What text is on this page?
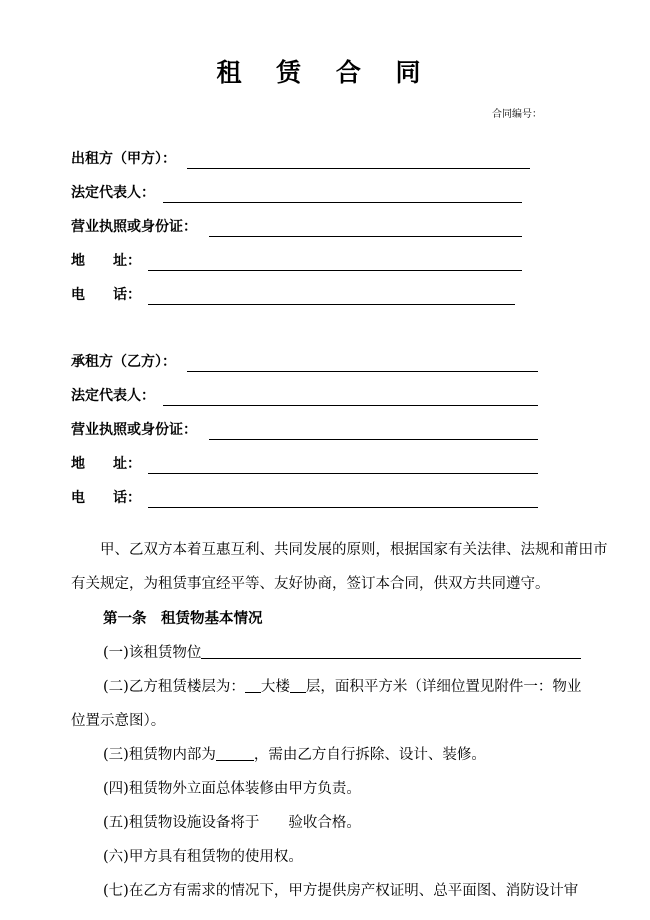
租 赁 合 同
合同编号：
出租方（甲方）：
法定代表人：
营业执照或身份证：
地　　址：
电　　话：
承租方（乙方）：
法定代表人：
营业执照或身份证：
地　　址：
电　　话：
甲、乙双方本着互惠互利、共同发展的原则，根据国家有关法律、法规和莆田市有关规定，为租赁事宜经平等、友好协商，签订本合同，供双方共同遵守。
第一条　租赁物基本情况
(一)该租赁物位
(二)乙方租赁楼层为： 大楼 层，面积平方米（详细位置见附件一：物业
位置示意图）。
(三)租赁物内部为	，需由乙方自行拆除、设计、装修。
(四)租赁物外立面总体装修由甲方负责。
(五)租赁物设施设备将于　　验收合格。
(六)甲方具有租赁物的使用权。
(七)在乙方有需求的情况下，甲方提供房产权证明、总平面图、消防设计审
